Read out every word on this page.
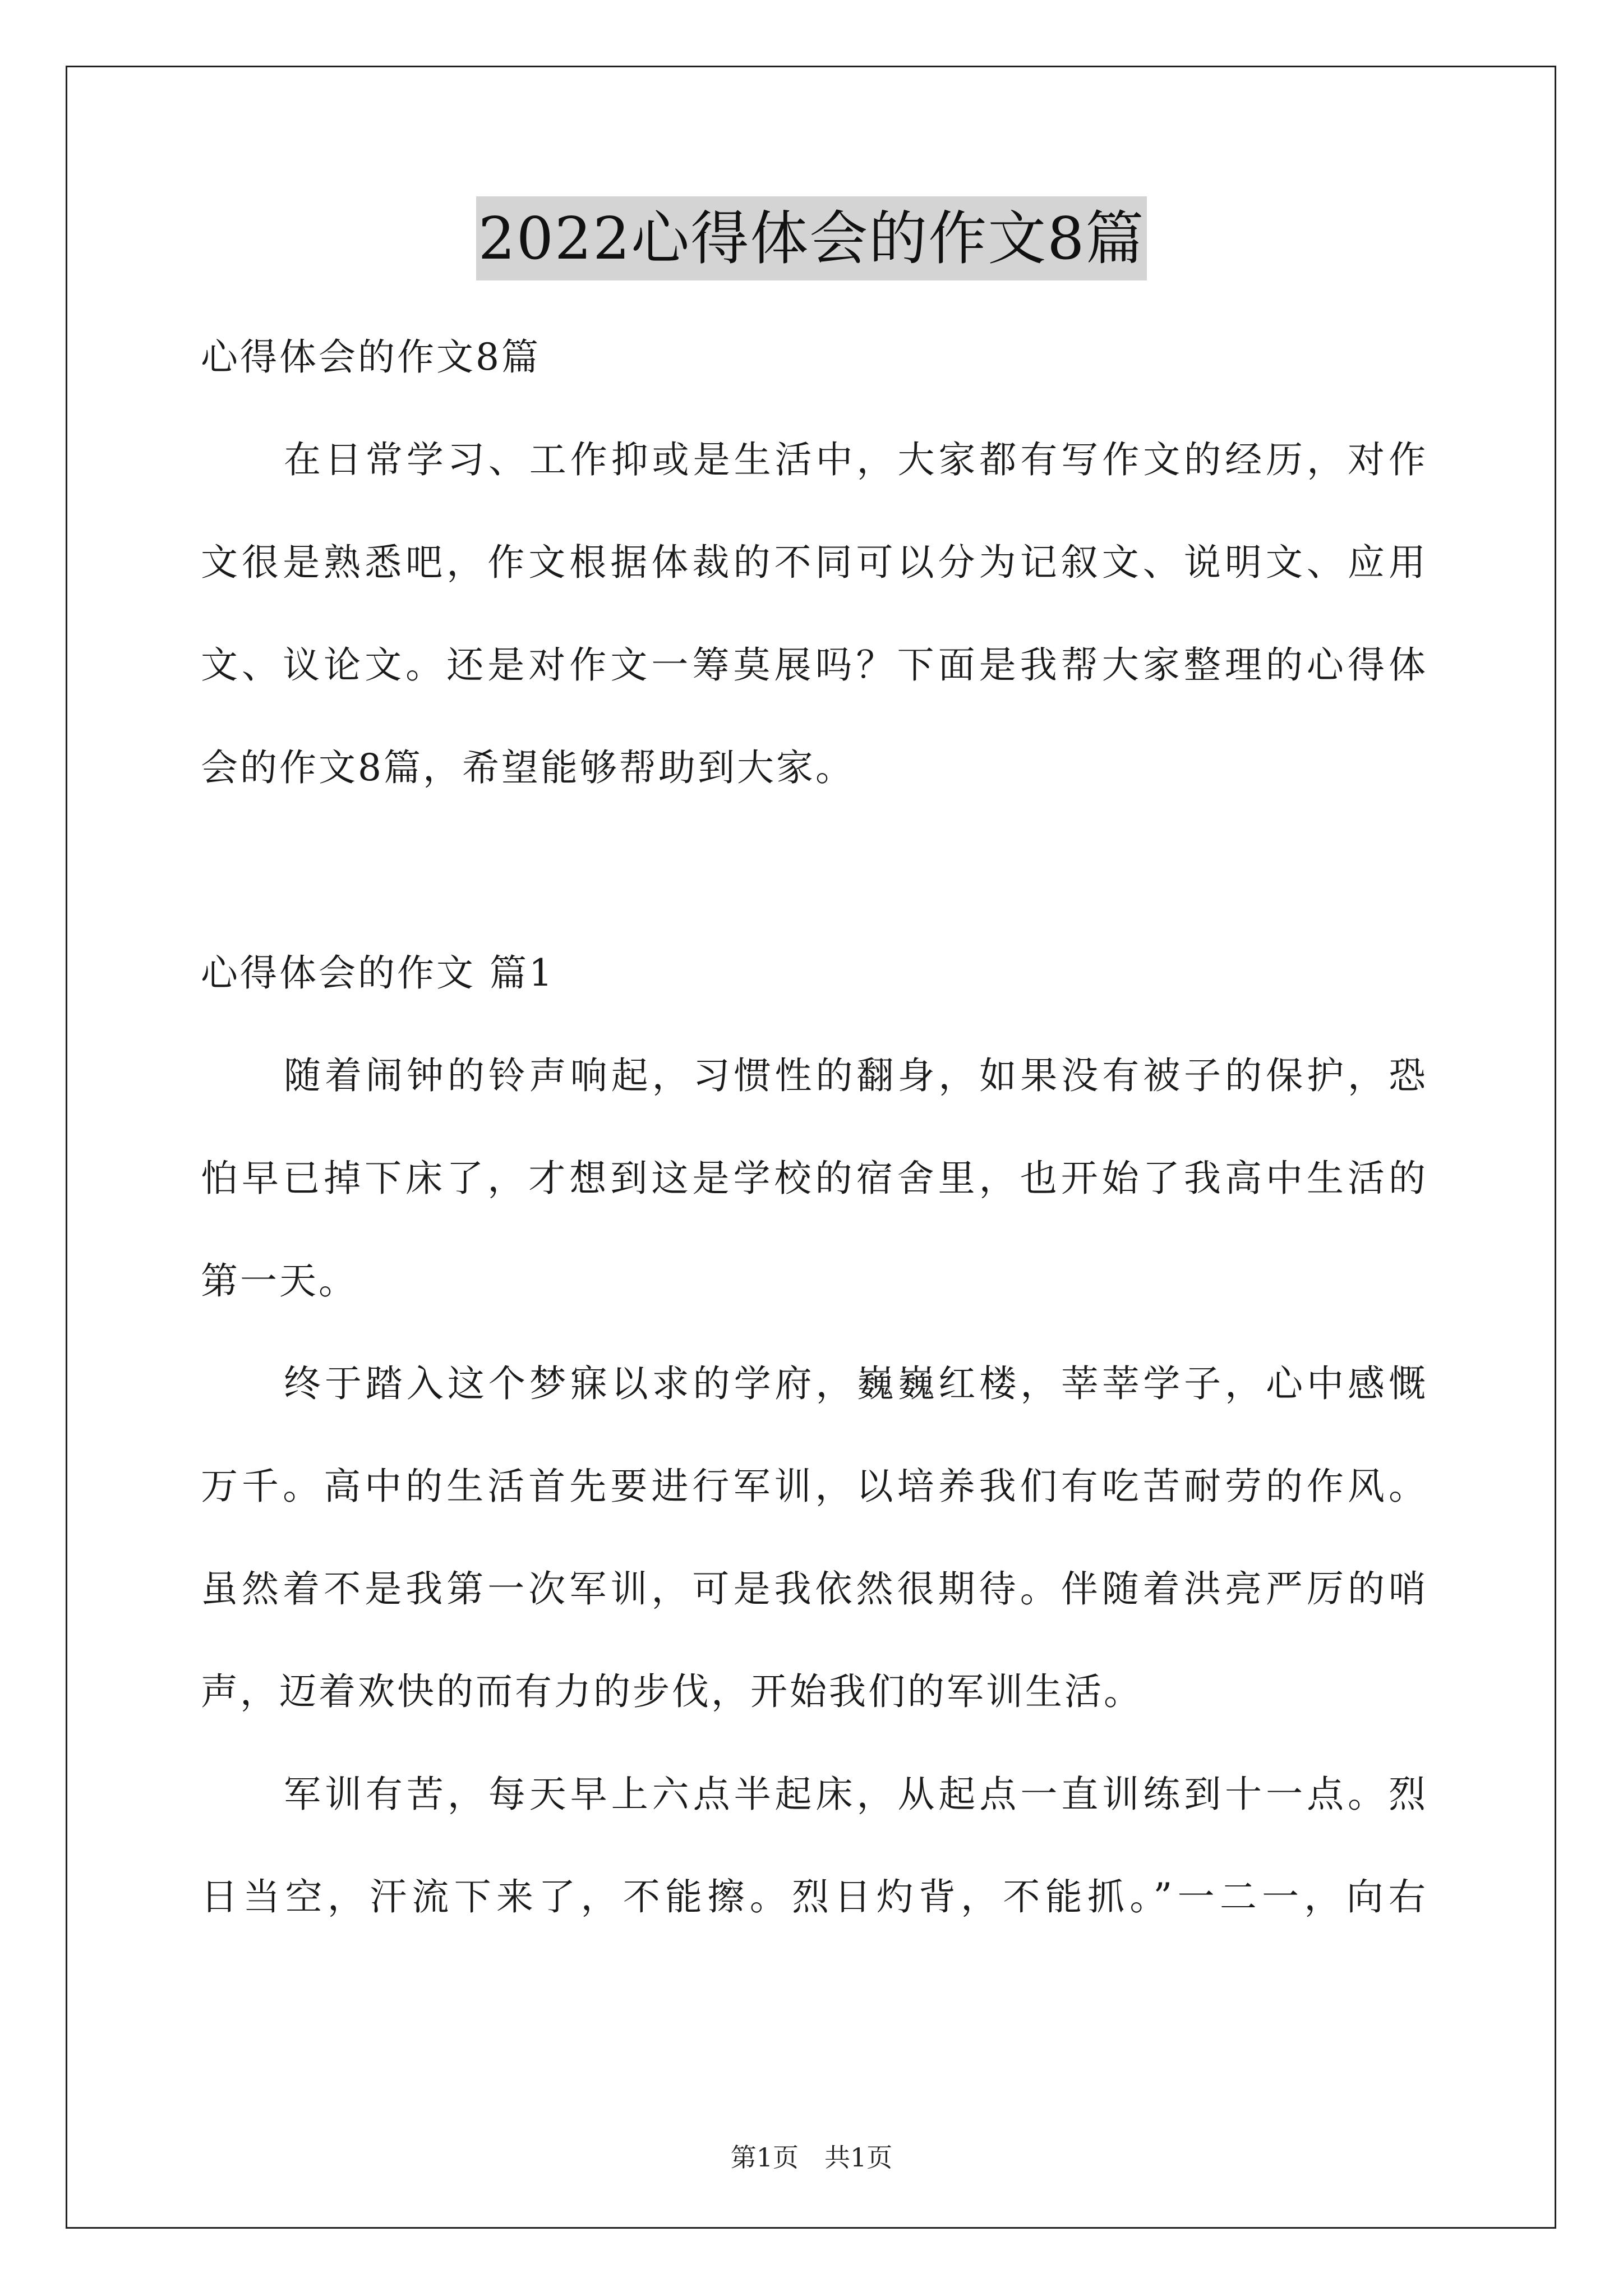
2022心得体会的作文8篇
心得体会的作文8篇
在日常学习、工作抑或是生活中，大家都有写作文的经历，对作
文很是熟悉吧，作文根据体裁的不同可以分为记叙文、说明文、应用
文、议论文。还是对作文一筹莫展吗？下面是我帮大家整理的心得体
会的作文8篇，希望能够帮助到大家。
心得体会的作文 篇1
随着闹钟的铃声响起，习惯性的翻身，如果没有被子的保护，恐
怕早已掉下床了，才想到这是学校的宿舍里，也开始了我高中生活的
第一天。
终于踏入这个梦寐以求的学府，巍巍红楼，莘莘学子，心中感慨
万千。高中的生活首先要进行军训，以培养我们有吃苦耐劳的作风。
虽然着不是我第一次军训，可是我依然很期待。伴随着洪亮严厉的哨
声，迈着欢快的而有力的步伐，开始我们的军训生活。
军训有苦，每天早上六点半起床，从起点一直训练到十一点。烈
日当空，汗流下来了，不能擦。烈日灼背，不能抓。”一二一，向右
第1页　共1页
